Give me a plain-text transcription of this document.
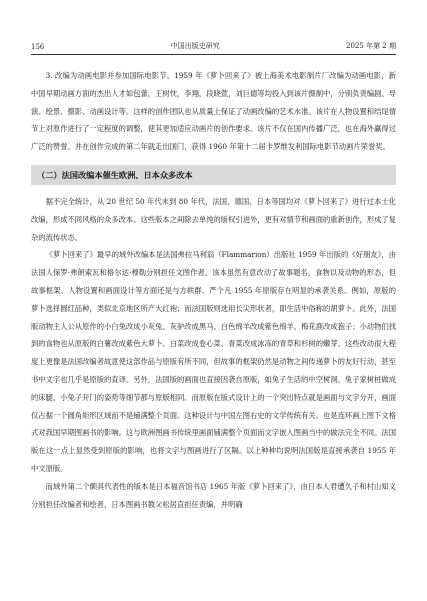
156	中国出版史研究	2025 年第 2 期

3. 改编为动画电影并参加国际电影节。1959 年《萝卜回来了》被上海美术电影制片厂改编为动画电影，新中国早期动画方面的杰出人才如包蕾，王树忱，李翔，段晓萱，刘巨德等均投入到该片摄制中，分别负责编剧、导演、绘景、摄影、动画设计等。这样的创作团队也从质量上保证了动画改编的艺术水准。该片在人物设置和结尾情节上对原作进行了一定程度的调整，使其更加适应动画片的创作要求。该片不仅在国内传播广泛，也在海外赢得过广泛的赞誉。并在创作完成的第二年就走出国门，获得 1960 年第十二届卡罗维发利国际电影节动画片荣誉奖。

（二）法国改编本催生欧洲、日本众多改本

据不完全统计，从 20 世纪 50 年代末到 80 年代，法国、德国、日本等国均对《萝卜回来了》进行过本土化改编，形成不同风格的众多改本。这些版本之间除去单纯的版权引进外，更有对情节和画面的重新创作，形成了复杂的流传状态。

《萝卜回来了》最早的域外改编本是法国弗拉马利翁（Flammarion）出版社 1959 年出版的《好朋友》，由法国人保罗·弗朗索瓦和格尔达·穆勒分别担任文图作者。该本虽然有意改动了故事题名，食物以及动物的形态，但故事框架、人物设置和画面设计等方面还是与方轶群、严个凡 1955 年原版存在明显的承袭关系。例如，原版的萝卜选择圆红品种，类似北京地区所产大红袍；而法国版则选用长尖形状者，即生活中俗称的胡萝卜。此外，法国版动物主人公从原作的小白兔改成小灰兔、灰驴改成黑马、白色绵羊改成紫色绵羊、梅花鹿改成狍子；小动物们找到的食物也从原版的白薯改成紫色大萝卜、白菜改成卷心菜、青菜改成冰冻的青草和杉树的嫩芽。这些改动很大程度上更像是法国改编者故意使这部作品与原版有所不同，但故事的框架仍然是动物之间传递萝卜的友好行动，甚至书中文字也几乎是原版的直译。另外，法国版的画面也直接因袭自原版，如兔子生活的中空树洞、兔子家树桩做成的床腿、小兔子开门的姿势等细节都与原版相同。而原版在版式设计上的一个突出特点就是画面与文字分开，画面仅占据一个圆角矩形区域而不是铺满整个页面。这种设计与中国左图右史的文学传统有关，也是连环画上图下文格式对我国早期图画书的影响。这与欧洲图画书传统里画面铺满整个页面而文字嵌入图画当中的做法完全不同。法国版在这一点上显然受到原版的影响，也将文字与图画进行了区隔。以上种种均说明法国版是直接承袭自 1955 年中文原版。

而域外第二个颇具代表性的版本是日本福音馆书店 1965 年版《萝卜回来了》，由日本人君遭久子和村山知义分别担任改编者和绘者，日本图画书教父松居直担任责编，并明确
